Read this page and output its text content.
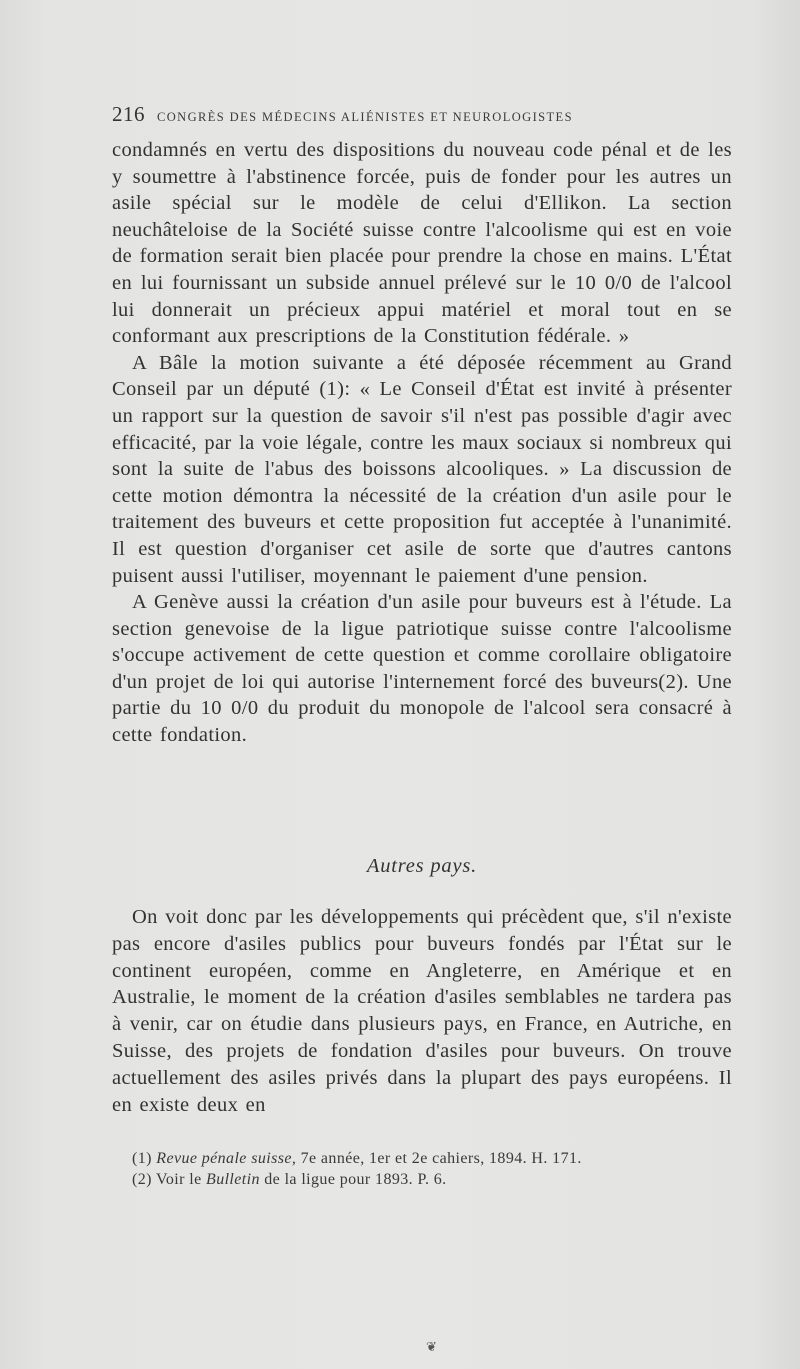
216 CONGRÈS DES MÉDECINS ALIÉNISTES ET NEUROLOGISTES

condamnés en vertu des dispositions du nouveau code pénal et de les y soumettre à l'abstinence forcée, puis de fonder pour les autres un asile spécial sur le modèle de celui d'Ellikon. La section neuchâteloise de la Société suisse contre l'alcoolisme qui est en voie de formation serait bien placée pour prendre la chose en mains. L'État en lui fournissant un subside annuel prélevé sur le 10 0/0 de l'alcool lui donnerait un précieux appui matériel et moral tout en se conformant aux prescriptions de la Constitution fédérale. »

A Bâle la motion suivante a été déposée récemment au Grand Conseil par un député (1): « Le Conseil d'État est invité à présenter un rapport sur la question de savoir s'il n'est pas possible d'agir avec efficacité, par la voie légale, contre les maux sociaux si nombreux qui sont la suite de l'abus des boissons alcooliques. » La discussion de cette motion démontra la nécessité de la création d'un asile pour le traitement des buveurs et cette proposition fut acceptée à l'unanimité. Il est question d'organiser cet asile de sorte que d'autres cantons puisent aussi l'utiliser, moyennant le paiement d'une pension.

A Genève aussi la création d'un asile pour buveurs est à l'étude. La section genevoise de la ligue patriotique suisse contre l'alcoolisme s'occupe activement de cette question et comme corollaire obligatoire d'un projet de loi qui autorise l'internement forcé des buveurs(2). Une partie du 10 0/0 du produit du monopole de l'alcool sera consacré à cette fondation.

Autres pays.

On voit donc par les développements qui précèdent que, s'il n'existe pas encore d'asiles publics pour buveurs fondés par l'État sur le continent européen, comme en Angleterre, en Amérique et en Australie, le moment de la création d'asiles semblables ne tardera pas à venir, car on étudie dans plusieurs pays, en France, en Autriche, en Suisse, des projets de fondation d'asiles pour buveurs. On trouve actuellement des asiles privés dans la plupart des pays européens. Il en existe deux en

(1) Revue pénale suisse, 7e année, 1er et 2e cahiers, 1894. H. 171.

(2) Voir le Bulletin de la ligue pour 1893. P. 6.

❦
